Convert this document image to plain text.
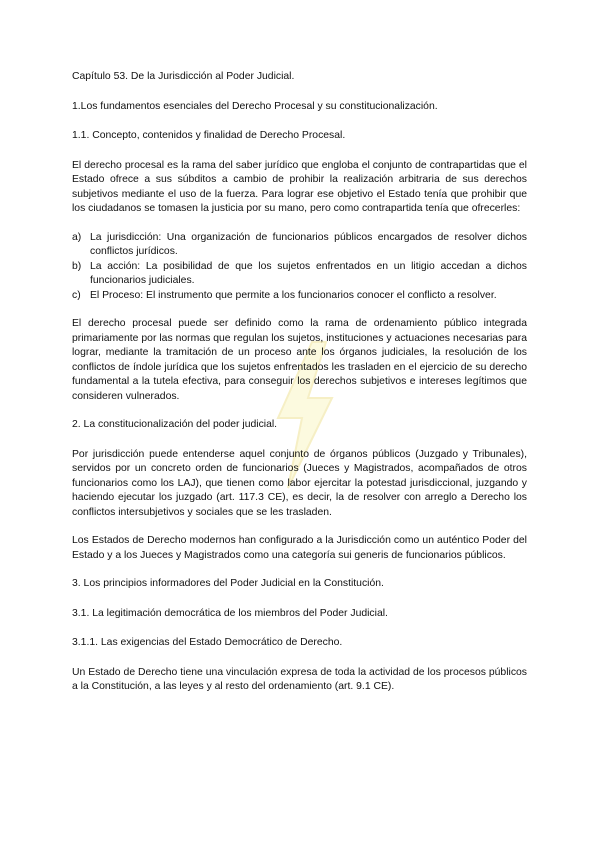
Capítulo 53. De la Jurisdicción al Poder Judicial.

1.Los fundamentos esenciales del Derecho Procesal y su constitucionalización.

1.1. Concepto, contenidos y finalidad de Derecho Procesal.

El derecho procesal es la rama del saber jurídico que engloba el conjunto de contrapartidas que el Estado ofrece a sus súbditos a cambio de prohibir la realización arbitraria de sus derechos subjetivos mediante el uso de la fuerza. Para lograr ese objetivo el Estado tenía que prohibir que los ciudadanos se tomasen la justicia por su mano, pero como contrapartida tenía que ofrecerles:

a) La jurisdicción: Una organización de funcionarios públicos encargados de resolver dichos conflictos jurídicos.
b) La acción: La posibilidad de que los sujetos enfrentados en un litigio accedan a dichos funcionarios judiciales.
c) El Proceso: El instrumento que permite a los funcionarios conocer el conflicto a resolver.

El derecho procesal puede ser definido como la rama de ordenamiento público integrada primariamente por las normas que regulan los sujetos, instituciones y actuaciones necesarias para lograr, mediante la tramitación de un proceso ante los órganos judiciales, la resolución de los conflictos de índole jurídica que los sujetos enfrentados les trasladen en el ejercicio de su derecho fundamental a la tutela efectiva, para conseguir los derechos subjetivos e intereses legítimos que consideren vulnerados.

2. La constitucionalización del poder judicial.

Por jurisdicción puede entenderse aquel conjunto de órganos públicos (Juzgado y Tribunales), servidos por un concreto orden de funcionarios (Jueces y Magistrados, acompañados de otros funcionarios como los LAJ), que tienen como labor ejercitar la potestad jurisdiccional, juzgando y haciendo ejecutar los juzgado (art. 117.3 CE), es decir, la de resolver con arreglo a Derecho los conflictos intersubjetivos y sociales que se les trasladen.

Los Estados de Derecho modernos han configurado a la Jurisdicción como un auténtico Poder del Estado y a los Jueces y Magistrados como una categoría sui generis de funcionarios públicos.

3. Los principios informadores del Poder Judicial en la Constitución.

3.1. La legitimación democrática de los miembros del Poder Judicial.

3.1.1. Las exigencias del Estado Democrático de Derecho.

Un Estado de Derecho tiene una vinculación expresa de toda la actividad de los procesos públicos a la Constitución, a las leyes y al resto del ordenamiento (art. 9.1 CE).
